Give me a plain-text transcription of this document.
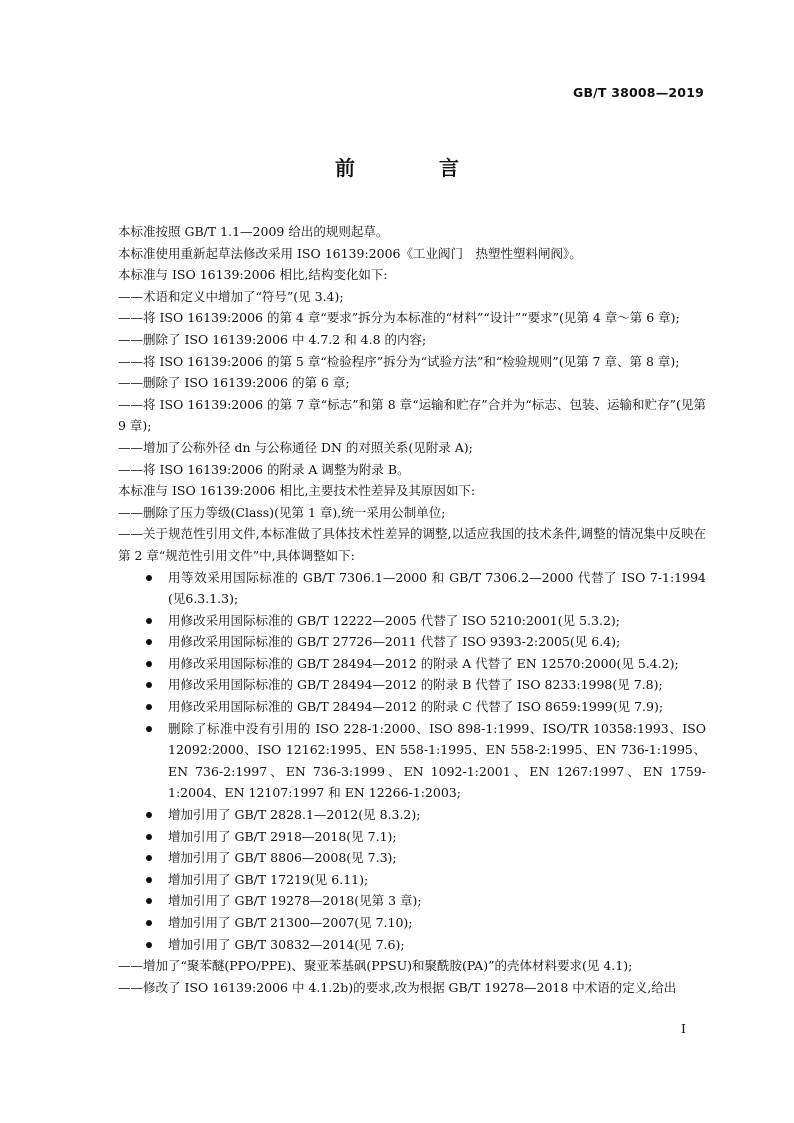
GB/T 38008—2019
前　言
本标准按照 GB/T 1.1—2009 给出的规则起草。
本标准使用重新起草法修改采用 ISO 16139:2006《工业阀门　热塑性塑料闸阀》。
本标准与 ISO 16139:2006 相比,结构变化如下:
——术语和定义中增加了“符号”(见 3.4);
——将 ISO 16139:2006 的第 4 章“要求”拆分为本标准的“材料”“设计”“要求”(见第 4 章～第 6 章);
——删除了 ISO 16139:2006 中 4.7.2 和 4.8 的内容;
——将 ISO 16139:2006 的第 5 章“检验程序”拆分为“试验方法”和“检验规则”(见第 7 章、第 8 章);
——删除了 ISO 16139:2006 的第 6 章;
——将 ISO 16139:2006 的第 7 章“标志”和第 8 章“运输和贮存”合并为“标志、包装、运输和贮存”(见第 9 章);
——增加了公称外径 dn 与公称通径 DN 的对照关系(见附录 A);
——将 ISO 16139:2006 的附录 A 调整为附录 B。
本标准与 ISO 16139:2006 相比,主要技术性差异及其原因如下:
——删除了压力等级(Class)(见第 1 章),统一采用公制单位;
——关于规范性引用文件,本标准做了具体技术性差异的调整,以适应我国的技术条件,调整的情况集中反映在第 2 章“规范性引用文件”中,具体调整如下:
用等效采用国际标准的 GB/T 7306.1—2000 和 GB/T 7306.2—2000 代替了 ISO 7-1:1994 (见6.3.1.3);
用修改采用国际标准的 GB/T 12222—2005 代替了 ISO 5210:2001(见 5.3.2);
用修改采用国际标准的 GB/T 27726—2011 代替了 ISO 9393-2:2005(见 6.4);
用修改采用国际标准的 GB/T 28494—2012 的附录 A 代替了 EN 12570:2000(见 5.4.2);
用修改采用国际标准的 GB/T 28494—2012 的附录 B 代替了 ISO 8233:1998(见 7.8);
用修改采用国际标准的 GB/T 28494—2012 的附录 C 代替了 ISO 8659:1999(见 7.9);
删除了标准中没有引用的 ISO 228-1:2000、ISO 898-1:1999、ISO/TR 10358:1993、ISO 12092:2000、ISO 12162:1995、EN 558-1:1995、EN 558-2:1995、EN 736-1:1995、EN 736-2:1997、EN 736-3:1999、EN 1092-1:2001、EN 1267:1997、EN 1759-1:2004、EN 12107:1997 和 EN 12266-1:2003;
增加引用了 GB/T 2828.1—2012(见 8.3.2);
增加引用了 GB/T 2918—2018(见 7.1);
增加引用了 GB/T 8806—2008(见 7.3);
增加引用了 GB/T 17219(见 6.11);
增加引用了 GB/T 19278—2018(见第 3 章);
增加引用了 GB/T 21300—2007(见 7.10);
增加引用了 GB/T 30832—2014(见 7.6);
——增加了“聚苯醚(PPO/PPE)、聚亚苯基砜(PPSU)和聚酰胺(PA)”的壳体材料要求(见 4.1);
——修改了 ISO 16139:2006 中 4.1.2b)的要求,改为根据 GB/T 19278—2018 中术语的定义,给出
I
